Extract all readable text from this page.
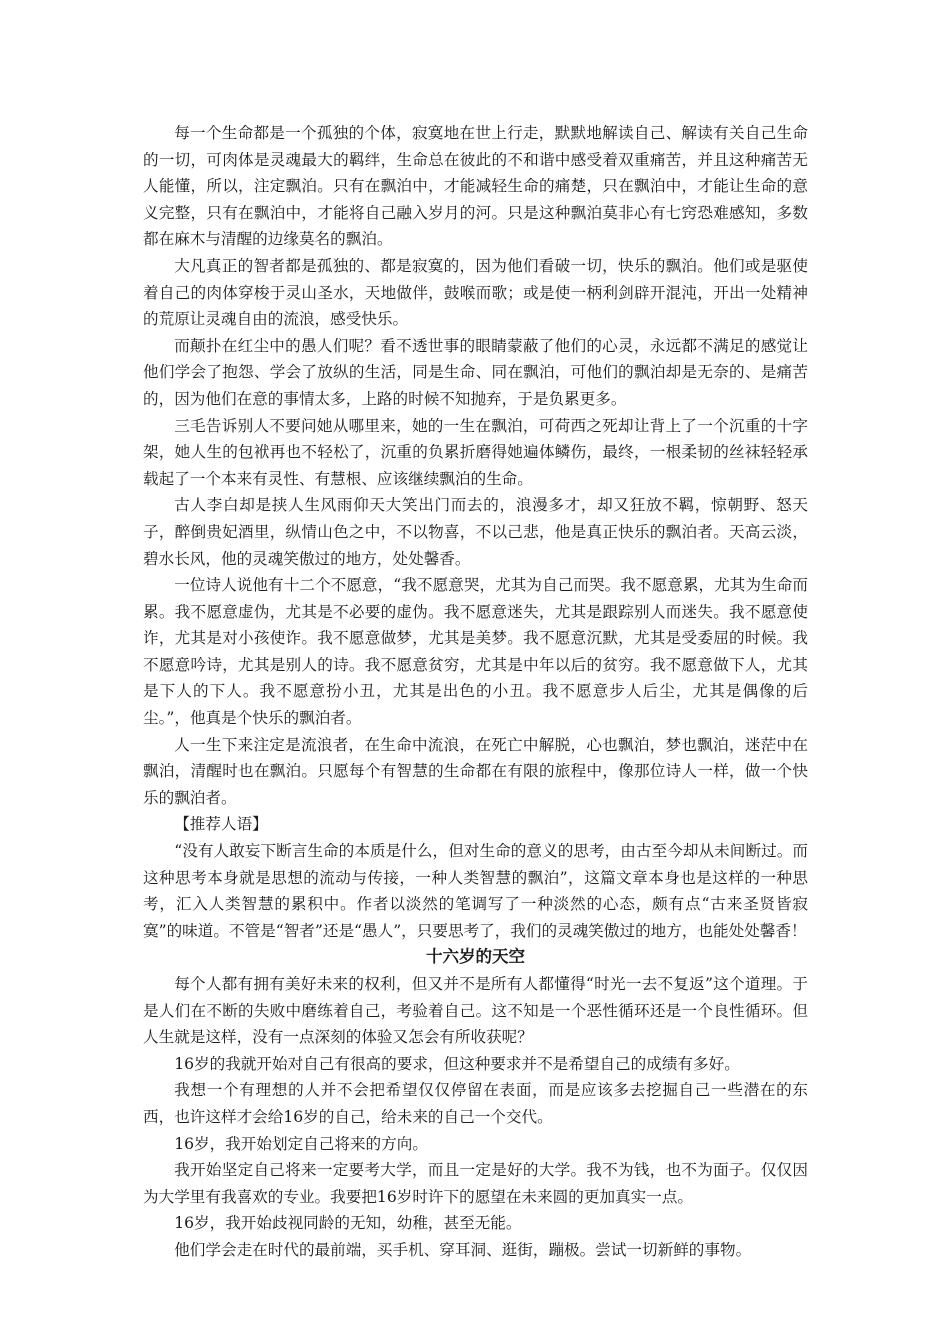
每一个生命都是一个孤独的个体，寂寞地在世上行走，默默地解读自己、解读有关自己生命的一切，可肉体是灵魂最大的羁绊，生命总在彼此的不和谐中感受着双重痛苦，并且这种痛苦无人能懂，所以，注定飘泊。只有在飘泊中，才能减轻生命的痛楚，只在飘泊中，才能让生命的意义完整，只有在飘泊中，才能将自己融入岁月的河。只是这种飘泊莫非心有七窍恐难感知，多数都在麻木与清醒的边缘莫名的飘泊。

大凡真正的智者都是孤独的、都是寂寞的，因为他们看破一切，快乐的飘泊。他们或是驱使着自己的肉体穿梭于灵山圣水，天地做伴，鼓喉而歌；或是使一柄利剑辟开混沌，开出一处精神的荒原让灵魂自由的流浪，感受快乐。

而颠扑在红尘中的愚人们呢？看不透世事的眼睛蒙蔽了他们的心灵，永远都不满足的感觉让他们学会了抱怨、学会了放纵的生活，同是生命、同在飘泊，可他们的飘泊却是无奈的、是痛苦的，因为他们在意的事情太多，上路的时候不知抛弃，于是负累更多。

三毛告诉别人不要问她从哪里来，她的一生在飘泊，可荷西之死却让背上了一个沉重的十字架，她人生的包袱再也不轻松了，沉重的负累折磨得她遍体鳞伤，最终，一根柔韧的丝袜轻轻承载起了一个本来有灵性、有慧根、应该继续飘泊的生命。

古人李白却是挟人生风雨仰天大笑出门而去的，浪漫多才，却又狂放不羁，惊朝野、怒天子，醉倒贵妃酒里，纵情山色之中，不以物喜，不以己悲，他是真正快乐的飘泊者。天高云淡，碧水长风，他的灵魂笑傲过的地方，处处馨香。

一位诗人说他有十二个不愿意，“我不愿意哭，尤其为自己而哭。我不愿意累，尤其为生命而累。我不愿意虚伪，尤其是不必要的虚伪。我不愿意迷失，尤其是跟踪别人而迷失。我不愿意使诈，尤其是对小孩使诈。我不愿意做梦，尤其是美梦。我不愿意沉默，尤其是受委屈的时候。我不愿意吟诗，尤其是别人的诗。我不愿意贫穷，尤其是中年以后的贫穷。我不愿意做下人，尤其是下人的下人。我不愿意扮小丑，尤其是出色的小丑。我不愿意步人后尘，尤其是偶像的后尘。”，他真是个快乐的飘泊者。

人一生下来注定是流浪者，在生命中流浪，在死亡中解脱，心也飘泊，梦也飘泊，迷茫中在飘泊，清醒时也在飘泊。只愿每个有智慧的生命都在有限的旅程中，像那位诗人一样，做一个快乐的飘泊者。

【推荐人语】

“没有人敢妄下断言生命的本质是什么，但对生命的意义的思考，由古至今却从未间断过。而这种思考本身就是思想的流动与传接，一种人类智慧的飘泊”，这篇文章本身也是这样的一种思考，汇入人类智慧的累积中。作者以淡然的笔调写了一种淡然的心态，颇有点“古来圣贤皆寂寞”的味道。不管是“智者”还是“愚人”，只要思考了，我们的灵魂笑傲过的地方，也能处处馨香！

十六岁的天空

每个人都有拥有美好未来的权利，但又并不是所有人都懂得“时光一去不复返”这个道理。于是人们在不断的失败中磨练着自己，考验着自己。这不知是一个恶性循环还是一个良性循环。但人生就是这样，没有一点深刻的体验又怎会有所收获呢？

16岁的我就开始对自己有很高的要求，但这种要求并不是希望自己的成绩有多好。

我想一个有理想的人并不会把希望仅仅停留在表面，而是应该多去挖掘自己一些潜在的东西，也许这样才会给16岁的自己，给未来的自己一个交代。

16岁，我开始划定自己将来的方向。

我开始坚定自己将来一定要考大学，而且一定是好的大学。我不为钱，也不为面子。仅仅因为大学里有我喜欢的专业。我要把16岁时许下的愿望在未来圆的更加真实一点。

16岁，我开始歧视同龄的无知，幼稚，甚至无能。

他们学会走在时代的最前端，买手机、穿耳洞、逛街，蹦极。尝试一切新鲜的事物。
